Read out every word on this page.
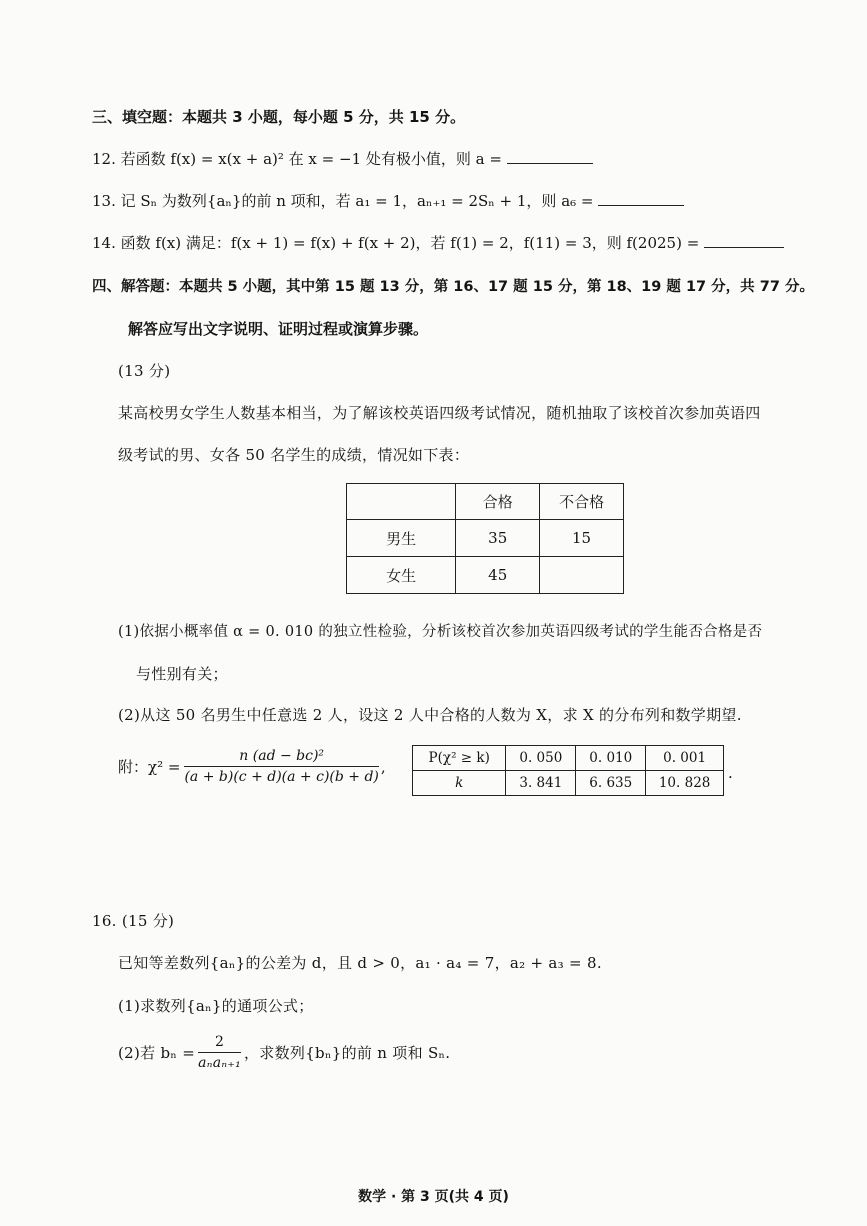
三、填空题：本题共 3 小题，每小题 5 分，共 15 分。
12. 若函数 f(x) = x(x + a)² 在 x = −1 处有极小值，则 a =
13. 记 Sₙ 为数列{aₙ}的前 n 项和，若 a₁ = 1，aₙ₊₁ = 2Sₙ + 1，则 a₆ =
14. 函数 f(x) 满足：f(x + 1) = f(x) + f(x + 2)，若 f(1) = 2，f(11) = 3，则 f(2025) =
四、解答题：本题共 5 小题，其中第 15 题 13 分，第 16、17 题 15 分，第 18、19 题 17 分，共 77 分。
解答应写出文字说明、证明过程或演算步骤。
(13 分)
某高校男女学生人数基本相当，为了解该校英语四级考试情况，随机抽取了该校首次参加英语四
级考试的男、女各 50 名学生的成绩，情况如下表：
	合格	不合格
男生	35	15
女生	45	
(1)依据小概率值 α = 0. 010 的独立性检验，分析该校首次参加英语四级考试的学生能否合格是否
与性别有关；
(2)从这 50 名男生中任意选 2 人，设这 2 人中合格的人数为 X，求 X 的分布列和数学期望.
附：$\chi^2 = \frac{\text{n (ad − bc)²}}{(a + b)(c + d)(a + c)(b + d)}$ ,	P(χ² ≥ k)	0. 050	0. 010	0. 001
k	3. 841	6. 635	10. 828
.
16. (15 分)
已知等差数列{aₙ}的公差为 d，且 d > 0，a₁ · a₄ = 7，a₂ + a₃ = 8.
(1)求数列{aₙ}的通项公式；
(2)若 $b_n = \frac{2}{\text{aₙaₙ₊₁}}$ ，求数列{bₙ}的前 n 项和 Sₙ.
数学 · 第 3 页(共 4 页)
